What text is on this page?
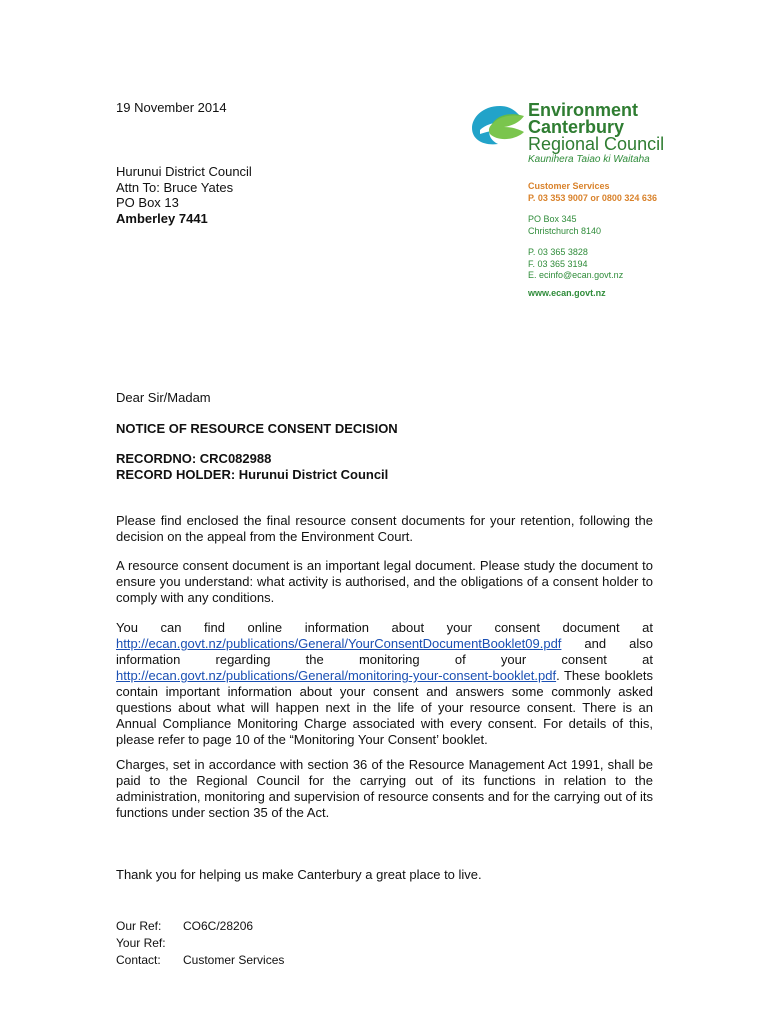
19 November 2014
Hurunui District Council
Attn To: Bruce Yates
PO Box 13
Amberley 7441
Environment
Canterbury
Regional Council
Kaunihera Taiao ki Waitaha
Customer Services
P. 03 353 9007 or 0800 324 636
PO Box 345
Christchurch 8140
P. 03 365 3828
F. 03 365 3194
E. ecinfo@ecan.govt.nz
www.ecan.govt.nz
Dear Sir/Madam
NOTICE OF RESOURCE CONSENT DECISION
RECORDNO: CRC082988
RECORD HOLDER: Hurunui District Council
Please find enclosed the final resource consent documents for your retention, following the decision on the appeal from the Environment Court.
A resource consent document is an important legal document. Please study the document to ensure you understand: what activity is authorised, and the obligations of a consent holder to comply with any conditions.
You can find online information about your consent document at
http://ecan.govt.nz/publications/General/YourConsentDocumentBooklet09.pdf and also
information	regarding	the	monitoring	of	your	consent	at
http://ecan.govt.nz/publications/General/monitoring-your-consent-booklet.pdf. These booklets contain important information about your consent and answers some commonly asked questions about what will happen next in the life of your resource consent. There is an Annual Compliance Monitoring Charge associated with every consent. For details of this, please refer to page 10 of the “Monitoring Your Consent’ booklet.
Charges, set in accordance with section 36 of the Resource Management Act 1991, shall be paid to the Regional Council for the carrying out of its functions in relation to the administration, monitoring and supervision of resource consents and for the carrying out of its functions under section 35 of the Act.
Thank you for helping us make Canterbury a great place to live.
Our Ref:	CO6C/28206
Your Ref:
Contact:	Customer Services
